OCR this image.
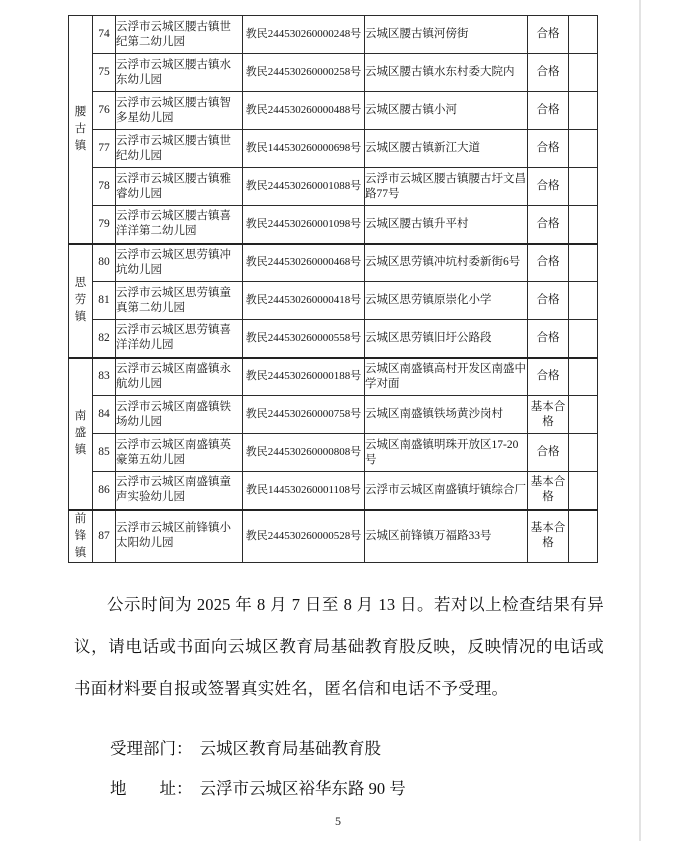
腰古镇	74	云浮市云城区腰古镇世纪第二幼儿园	教民244530260000248号	云城区腰古镇河傍街	合格	
	75	云浮市云城区腰古镇水东幼儿园	教民244530260000258号	云城区腰古镇水东村委大院内	合格	
	76	云浮市云城区腰古镇智多星幼儿园	教民244530260000488号	云城区腰古镇小河	合格	
	77	云浮市云城区腰古镇世纪幼儿园	教民144530260000698号	云城区腰古镇新江大道	合格	
	78	云浮市云城区腰古镇雅睿幼儿园	教民244530260001088号	云浮市云城区腰古镇腰古圩文昌路77号	合格	
	79	云浮市云城区腰古镇喜洋洋第二幼儿园	教民244530260001098号	云城区腰古镇升平村	合格	

思劳镇	80	云浮市云城区思劳镇冲坑幼儿园	教民244530260000468号	云城区思劳镇冲坑村委新街6号	合格	
	81	云浮市云城区思劳镇童真第二幼儿园	教民244530260000418号	云城区思劳镇原崇化小学	合格	
	82	云浮市云城区思劳镇喜洋洋幼儿园	教民244530260000558号	云城区思劳镇旧圩公路段	合格	

南盛镇	83	云浮市云城区南盛镇永航幼儿园	教民244530260000188号	云城区南盛镇高村开发区南盛中学对面	合格	
	84	云浮市云城区南盛镇铁场幼儿园	教民244530260000758号	云城区南盛镇铁场黄沙岗村	基本合格	
	85	云浮市云城区南盛镇英豪第五幼儿园	教民244530260000808号	云城区南盛镇明珠开放区17-20号	合格	
	86	云浮市云城区南盛镇童声实验幼儿园	教民144530260001108号	云浮市云城区南盛镇圩镇综合厂	基本合格	

前锋镇	87	云浮市云城区前锋镇小太阳幼儿园	教民244530260000528号	云城区前锋镇万福路33号	基本合格	
公示时间为 2025 年 8 月 7 日至 8 月 13 日。若对以上检查结果有异议，请电话或书面向云城区教育局基础教育股反映，反映情况的电话或书面材料要自报或签署真实姓名，匿名信和电话不予受理。
受理部门： 云城区教育局基础教育股
地　　址： 云浮市云城区裕华东路 90 号
5
